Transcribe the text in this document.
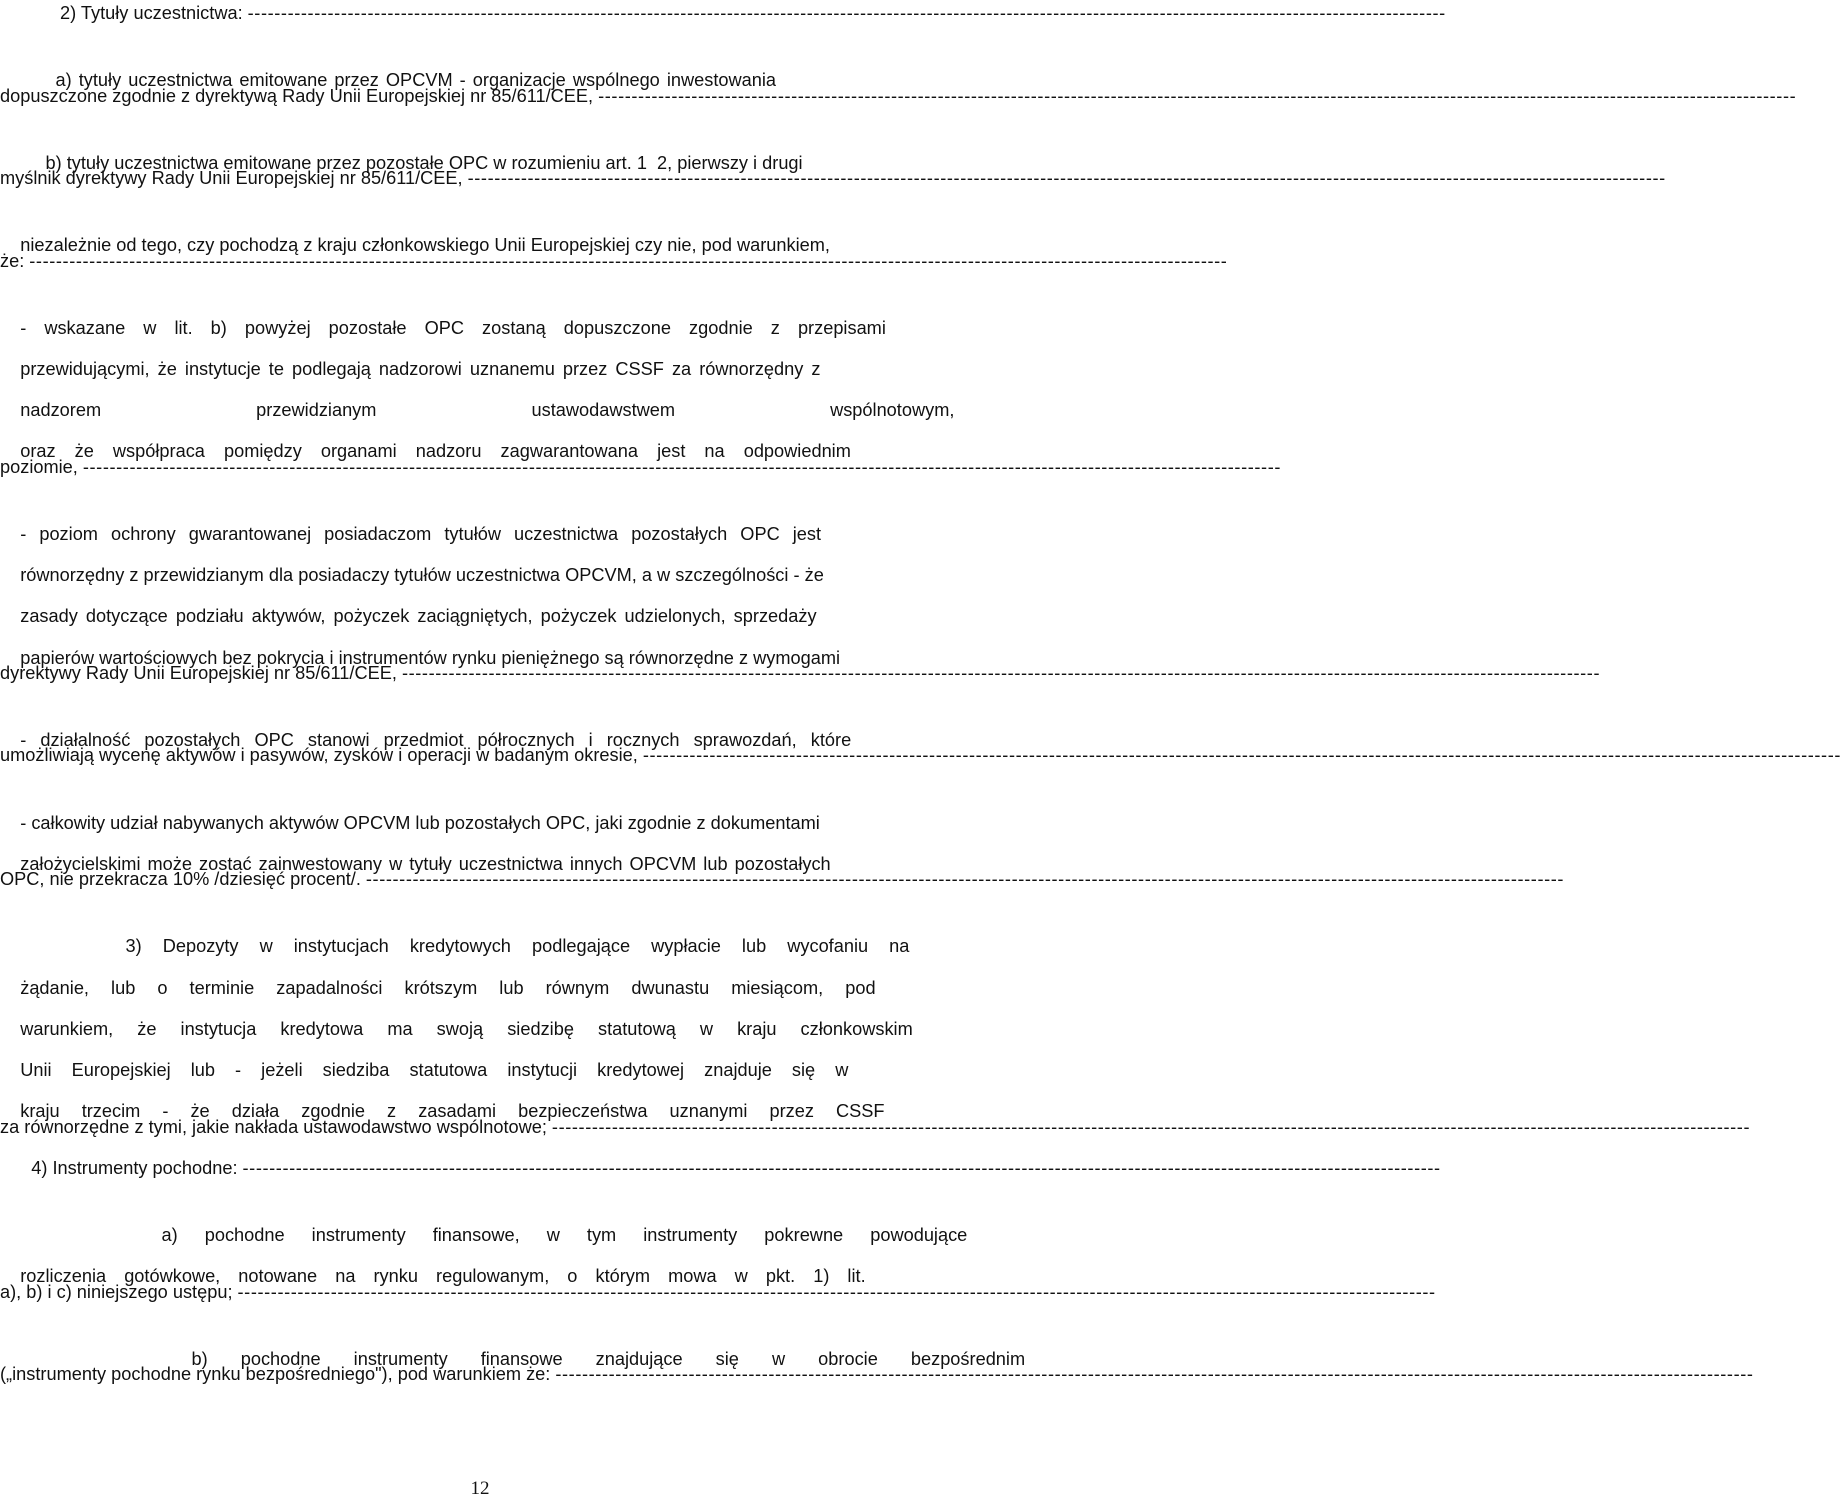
2) Tytuły uczestnictwa:
-----

a) tytuły uczestnictwa emitowane przez OPCVM - organizacje wspólnego inwestowania

dopuszczone zgodnie z dyrektywą Rady Unii Europejskiej nr 85/611/CEE,
-----

b) tytuły uczestnictwa emitowane przez pozostałe OPC w rozumieniu art. 1  2, pierwszy i drugi

myślnik dyrektywy Rady Unii Europejskiej nr 85/611/CEE,
-----

niezależnie od tego, czy pochodzą z kraju członkowskiego Unii Europejskiej czy nie, pod warunkiem,

że:
-----

- wskazane w lit. b) powyżej pozostałe OPC zostaną dopuszczone zgodnie z przepisami

przewidującymi, że instytucje te podlegają nadzorowi uznanemu przez CSSF za równorzędny z

nadzorem przewidzianym ustawodawstwem wspólnotowym,

oraz że współpraca pomiędzy organami nadzoru zagwarantowana jest na odpowiednim

poziomie,
-----

- poziom ochrony gwarantowanej posiadaczom tytułów uczestnictwa pozostałych OPC jest

równorzędny z przewidzianym dla posiadaczy tytułów uczestnictwa OPCVM, a w szczególności - że

zasady dotyczące podziału aktywów, pożyczek zaciągniętych, pożyczek udzielonych, sprzedaży

papierów wartościowych bez pokrycia i instrumentów rynku pieniężnego są równorzędne z wymogami

dyrektywy Rady Unii Europejskiej nr 85/611/CEE,
-----

- działalność pozostałych OPC stanowi przedmiot półrocznych i rocznych sprawozdań, które

umożliwiają wycenę aktywów i pasywów, zysków i operacji w badanym okresie,
-----

- całkowity udział nabywanych aktywów OPCVM lub pozostałych OPC, jaki zgodnie z dokumentami

założycielskimi może zostać zainwestowany w tytuły uczestnictwa innych OPCVM lub pozostałych

OPC, nie przekracza 10% /dziesięć procent/.
-----

3) Depozyty w instytucjach kredytowych podlegające wypłacie lub wycofaniu na

żądanie, lub o terminie zapadalności krótszym lub równym dwunastu miesiącom, pod

warunkiem, że instytucja kredytowa ma swoją siedzibę statutową w kraju członkowskim

Unii Europejskiej lub - jeżeli siedziba statutowa instytucji kredytowej znajduje się w

kraju trzecim - że działa zgodnie z zasadami bezpieczeństwa uznanymi przez CSSF

za równorzędne z tymi, jakie nakłada ustawodawstwo wspólnotowe;
-----
4) Instrumenty pochodne:
-----

a) pochodne instrumenty finansowe, w tym instrumenty pokrewne powodujące

rozliczenia gotówkowe, notowane na rynku regulowanym, o którym mowa w pkt. 1) lit.

a), b) i c) niniejszego ustępu;
-----

b) pochodne instrumenty finansowe znajdujące się w obrocie bezpośrednim

(„instrumenty pochodne rynku bezpośredniego"), pod warunkiem że:
-----
12
